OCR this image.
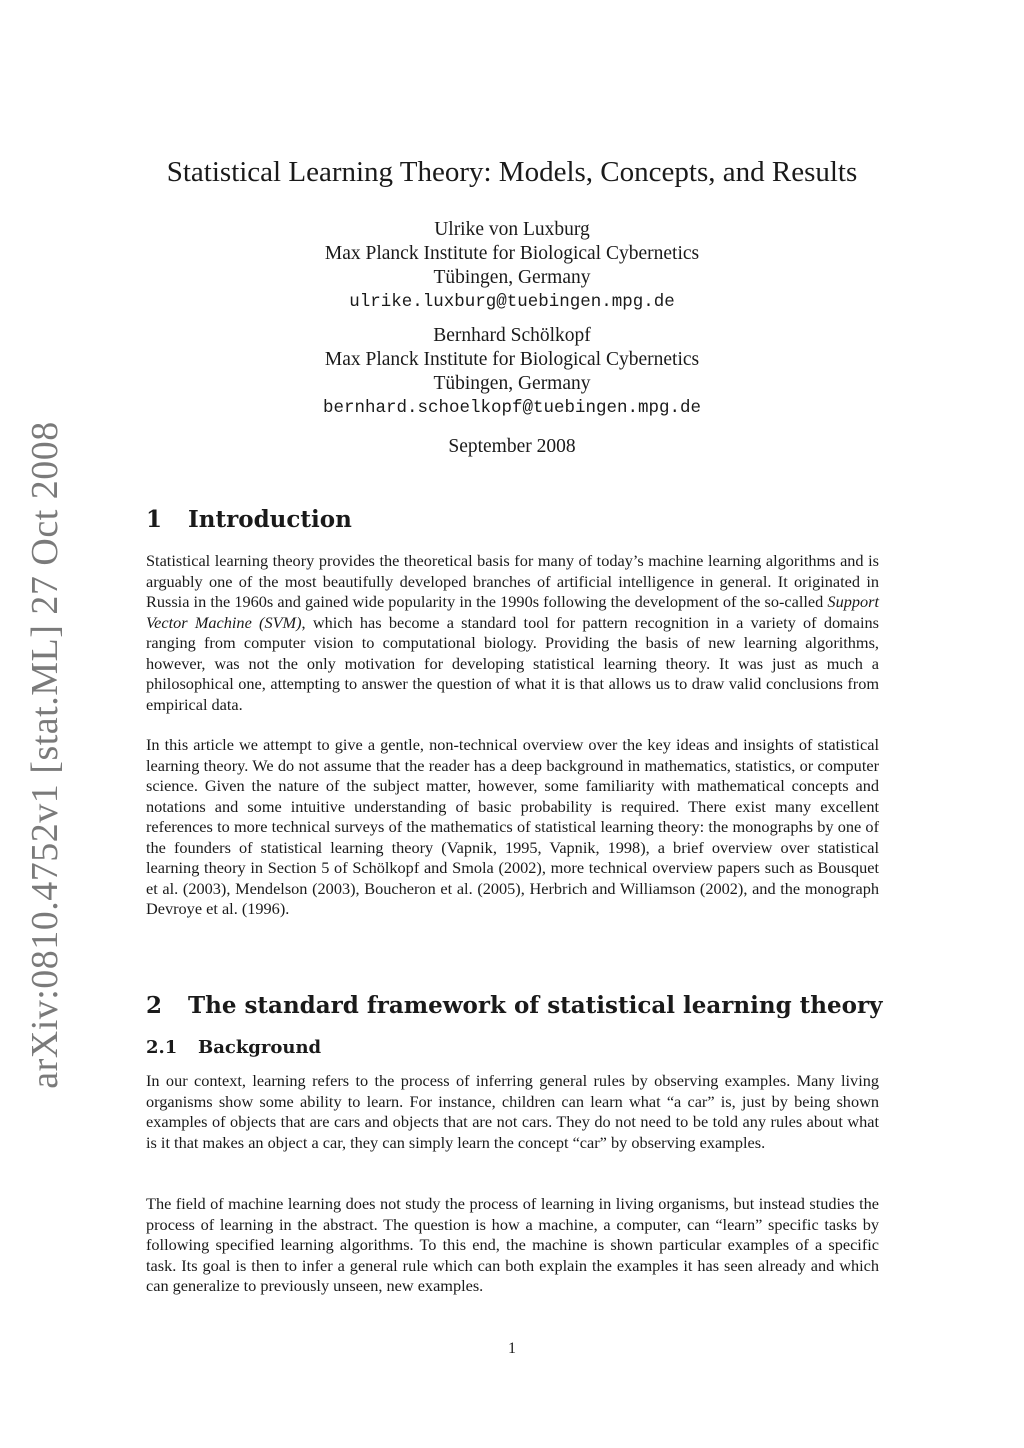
arXiv:0810.4752v1 [stat.ML] 27 Oct 2008
Statistical Learning Theory: Models, Concepts, and Results
Ulrike von Luxburg
Max Planck Institute for Biological Cybernetics
Tübingen, Germany
ulrike.luxburg@tuebingen.mpg.de
Bernhard Schölkopf
Max Planck Institute for Biological Cybernetics
Tübingen, Germany
bernhard.schoelkopf@tuebingen.mpg.de
September 2008
1 Introduction
Statistical learning theory provides the theoretical basis for many of today’s machine learning algorithms and is arguably one of the most beautifully developed branches of artificial intelligence in general. It originated in Russia in the 1960s and gained wide popularity in the 1990s following the development of the so-called Support Vector Machine (SVM), which has become a standard tool for pattern recognition in a variety of domains ranging from computer vision to computational biology. Providing the basis of new learning algorithms, however, was not the only motivation for developing statistical learning theory. It was just as much a philosophical one, attempting to answer the question of what it is that allows us to draw valid conclusions from empirical data.
In this article we attempt to give a gentle, non-technical overview over the key ideas and insights of statistical learning theory. We do not assume that the reader has a deep background in mathematics, statistics, or computer science. Given the nature of the subject matter, however, some familiarity with mathematical concepts and notations and some intuitive understanding of basic probability is required. There exist many excellent references to more technical surveys of the mathematics of statistical learning theory: the monographs by one of the founders of statistical learning theory (Vapnik, 1995, Vapnik, 1998), a brief overview over statistical learning theory in Section 5 of Schölkopf and Smola (2002), more technical overview papers such as Bousquet et al. (2003), Mendelson (2003), Boucheron et al. (2005), Herbrich and Williamson (2002), and the monograph Devroye et al. (1996).
2 The standard framework of statistical learning theory
2.1 Background
In our context, learning refers to the process of inferring general rules by observing examples. Many living organisms show some ability to learn. For instance, children can learn what “a car” is, just by being shown examples of objects that are cars and objects that are not cars. They do not need to be told any rules about what is it that makes an object a car, they can simply learn the concept “car” by observing examples.
The field of machine learning does not study the process of learning in living organisms, but instead studies the process of learning in the abstract. The question is how a machine, a computer, can “learn” specific tasks by following specified learning algorithms. To this end, the machine is shown particular examples of a specific task. Its goal is then to infer a general rule which can both explain the examples it has seen already and which can generalize to previously unseen, new examples.
1
